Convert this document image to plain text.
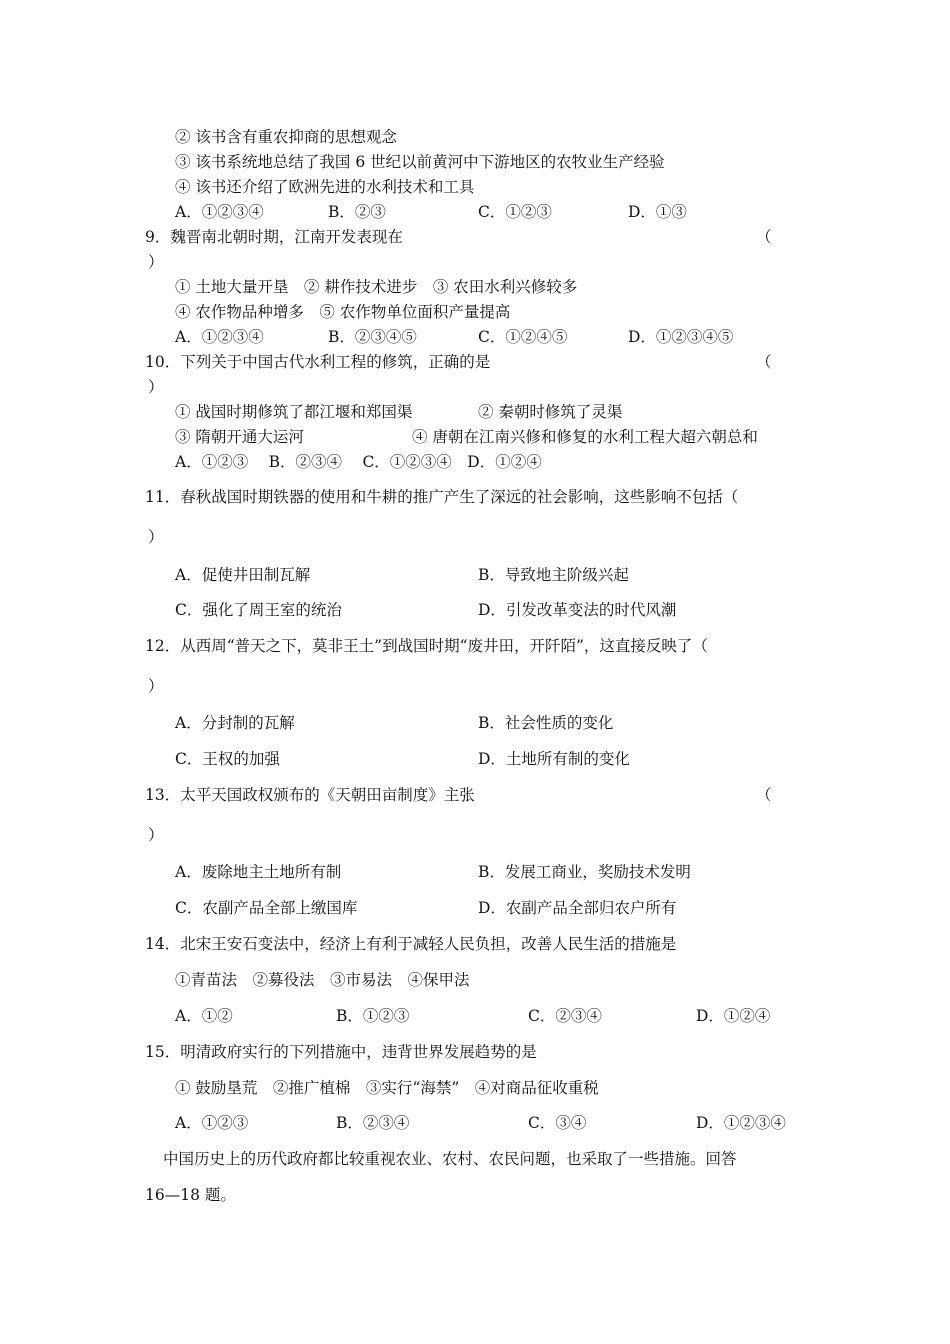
② 该书含有重农抑商的思想观念
③ 该书系统地总结了我国 6 世纪以前黄河中下游地区的农牧业生产经验
④ 该书还介绍了欧洲先进的水利技术和工具
A．①②③④	B．②③	C．①②③	D．①③
9．魏晋南北朝时期，江南开发表现在	（
）
① 土地大量开垦　② 耕作技术进步　③ 农田水利兴修较多
④ 农作物品种增多　⑤ 农作物单位面积产量提高
A．①②③④	B．②③④⑤	C．①②④⑤	D．①②③④⑤
10．下列关于中国古代水利工程的修筑，正确的是	（
）
① 战国时期修筑了都江堰和郑国渠	② 秦朝时修筑了灵渠
③ 隋朝开通大运河	④ 唐朝在江南兴修和修复的水利工程大超六朝总和
A．①②③　 B．②③④　 C．①②③④　D．①②④
11．春秋战国时期铁器的使用和牛耕的推广产生了深远的社会影响，这些影响不包括（
）
A．促使井田制瓦解	B．导致地主阶级兴起
C．强化了周王室的统治	D．引发改革变法的时代风潮
12．从西周“普天之下，莫非王土”到战国时期“废井田，开阡陌”，这直接反映了（
）
A．分封制的瓦解	B．社会性质的变化
C．王权的加强	D．土地所有制的变化
13．太平天国政权颁布的《天朝田亩制度》主张	（
）
A．废除地主土地所有制	B．发展工商业，奖励技术发明
C．农副产品全部上缴国库	D．农副产品全部归农户所有
14．北宋王安石变法中，经济上有利于减轻人民负担，改善人民生活的措施是
①青苗法　②募役法　③市易法　④保甲法
A．①②	B．①②③	C．②③④	D．①②④
15．明清政府实行的下列措施中，违背世界发展趋势的是
① 鼓励垦荒　②推广植棉　③实行“海禁”　④对商品征收重税
A．①②③	B．②③④	C．③④	D．①②③④
中国历史上的历代政府都比较重视农业、农村、农民问题，也采取了一些措施。回答
16—18 题。
